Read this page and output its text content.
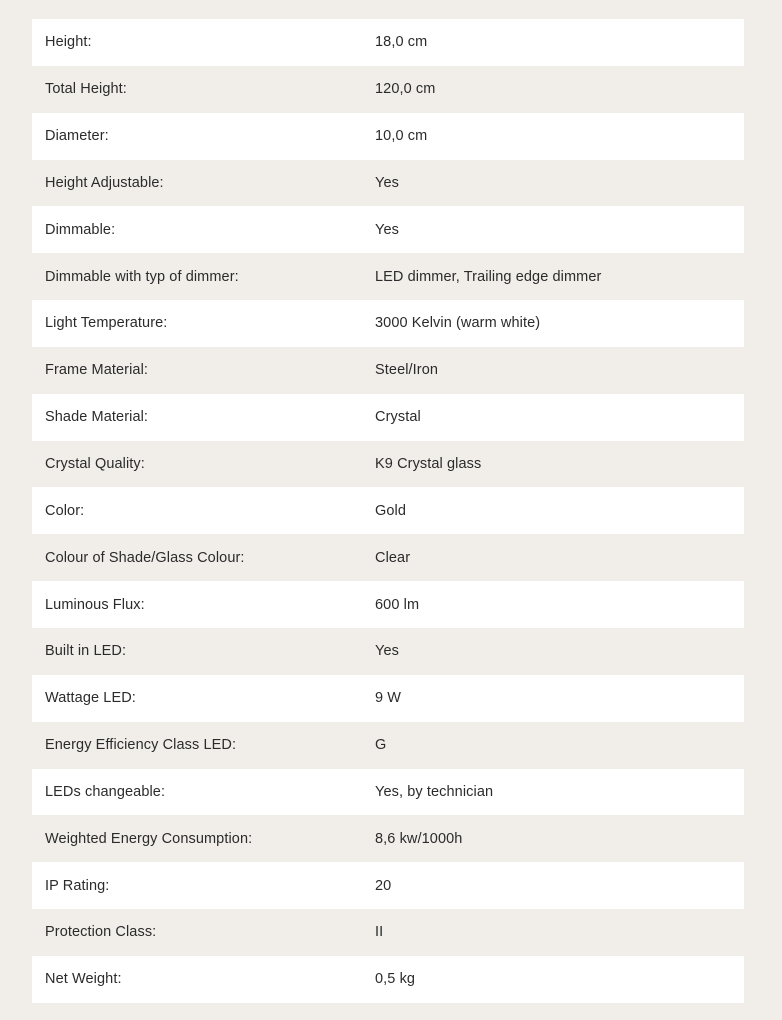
Height:	18,0 cm
Total Height:	120,0 cm
Diameter:	10,0 cm
Height Adjustable:	Yes
Dimmable:	Yes
Dimmable with typ of dimmer:	LED dimmer, Trailing edge dimmer
Light Temperature:	3000 Kelvin (warm white)
Frame Material:	Steel/Iron
Shade Material:	Crystal
Crystal Quality:	K9 Crystal glass
Color:	Gold
Colour of Shade/Glass Colour:	Clear
Luminous Flux:	600 lm
Built in LED:	Yes
Wattage LED:	9 W
Energy Efficiency Class LED:	G
LEDs changeable:	Yes, by technician
Weighted Energy Consumption:	8,6 kw/1000h
IP Rating:	20
Protection Class:	II
Net Weight:	0,5 kg
